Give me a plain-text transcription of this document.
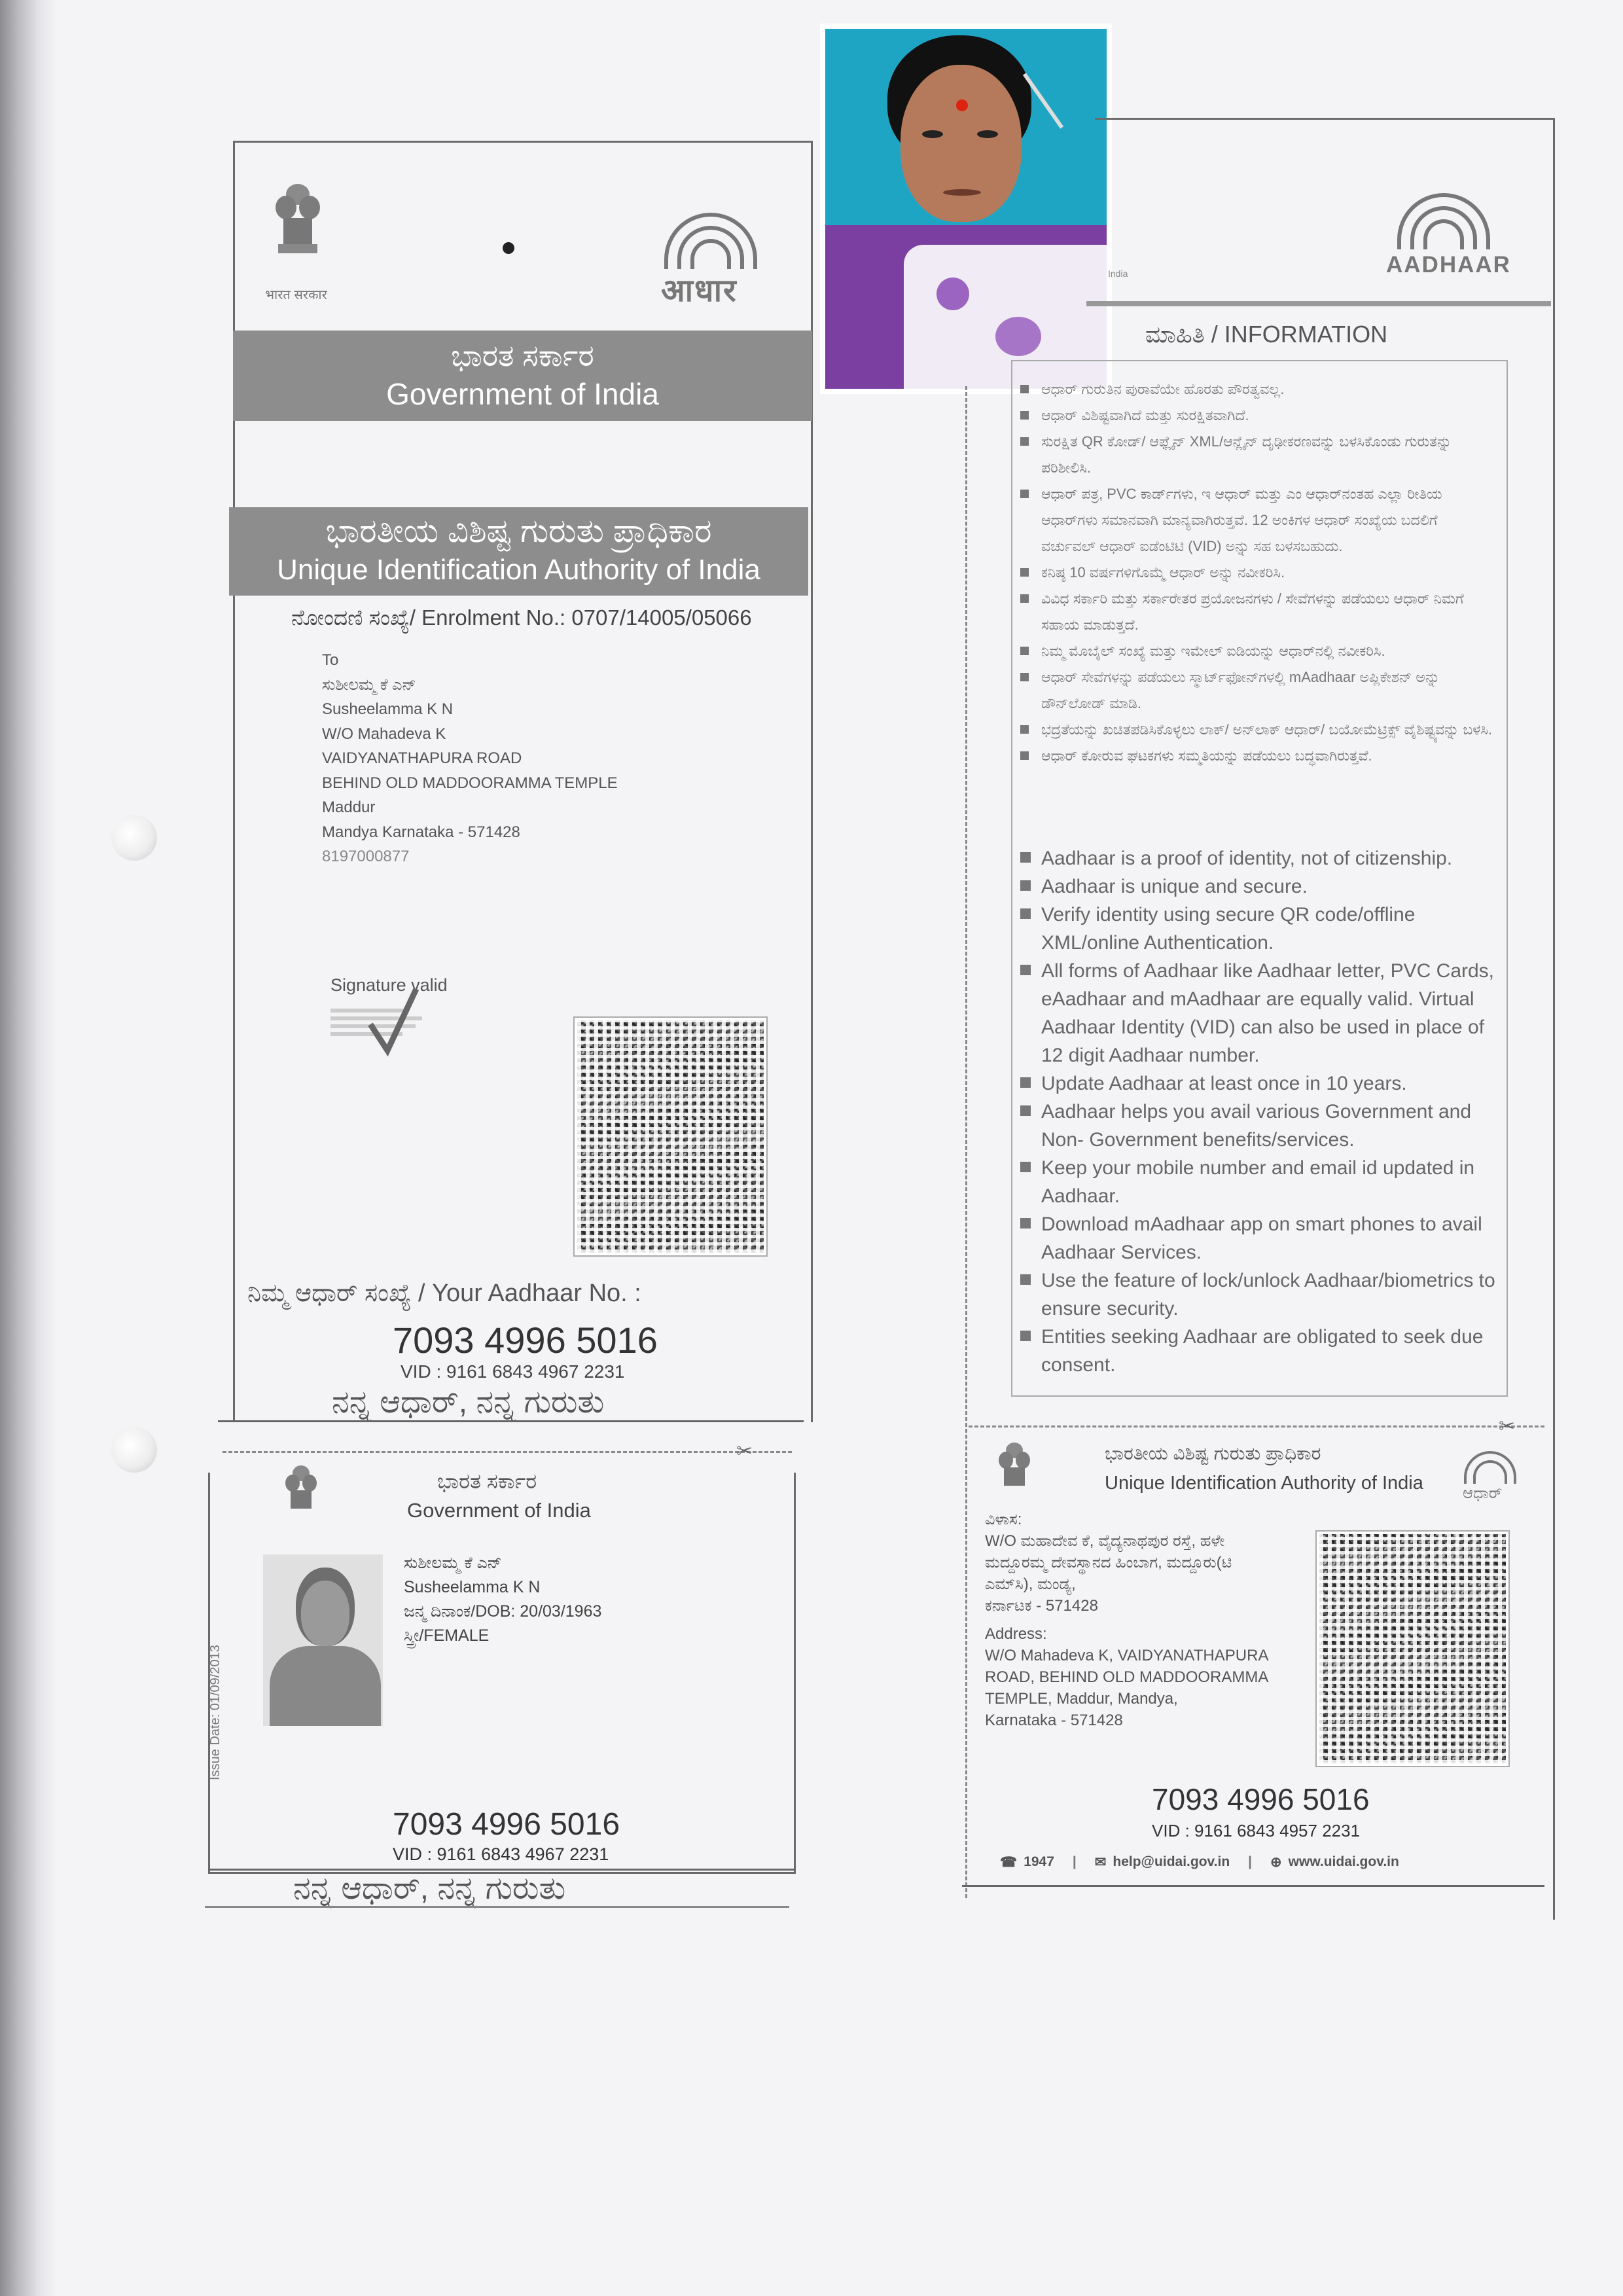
भारत सरकार	आधार
ಭಾರತ ಸರ್ಕಾರ
Government of India
ಭಾರತೀಯ ವಿಶಿಷ್ಟ ಗುರುತು ಪ್ರಾಧಿಕಾರ
Unique Identification Authority of India
ನೋಂದಣಿ ಸಂಖ್ಯೆ/ Enrolment No.: 0707/14005/05066
To
ಸುಶೀಲಮ್ಮ ಕೆ ಎನ್
Susheelamma K N
W/O Mahadeva K
VAIDYANATHAPURA ROAD
BEHIND OLD MADDOORAMMA TEMPLE
Maddur
Mandya Karnataka - 571428
8197000877
Signature valid
ನಿಮ್ಮ ಆಧಾರ್ ಸಂಖ್ಯೆ / Your Aadhaar No. :
7093 4996 5016
VID : 9161 6843 4967 2231
ನನ್ನ ಆಧಾರ್, ನನ್ನ ಗುರುತು
✂
ಭಾರತ ಸರ್ಕಾರ
Government of India
Issue Date: 01/09/2013
ಸುಶೀಲಮ್ಮ ಕೆ ಎನ್
Susheelamma K N
ಜನ್ಮ ದಿನಾಂಕ/DOB: 20/03/1963
ಸ್ತ್ರೀ/FEMALE
7093 4996 5016
VID : 9161 6843 4967 2231
ನನ್ನ ಆಧಾರ್, ನನ್ನ ಗುರುತು
India	AADHAAR
ಮಾಹಿತಿ / INFORMATION
ಆಧಾರ್ ಗುರುತಿನ ಪುರಾವೆಯೇ ಹೊರತು ಪೌರತ್ವವಲ್ಲ.
ಆಧಾರ್ ವಿಶಿಷ್ಟವಾಗಿದೆ ಮತ್ತು ಸುರಕ್ಷಿತವಾಗಿದೆ.
ಸುರಕ್ಷಿತ QR ಕೋಡ್/ ಆಫ್ಲೈನ್ XML/ಆನ್ಲೈನ್ ದೃಢೀಕರಣವನ್ನು ಬಳಸಿಕೊಂಡು ಗುರುತನ್ನು ಪರಿಶೀಲಿಸಿ.
ಆಧಾರ್ ಪತ್ರ, PVC ಕಾರ್ಡ್‌ಗಳು, ಇ ಆಧಾರ್ ಮತ್ತು ಎಂ ಆಧಾರ್‌ನಂತಹ ಎಲ್ಲಾ ರೀತಿಯ ಆಧಾರ್‌ಗಳು ಸಮಾನವಾಗಿ ಮಾನ್ಯವಾಗಿರುತ್ತವೆ. 12 ಅಂಕಿಗಳ ಆಧಾರ್ ಸಂಖ್ಯೆಯ ಬದಲಿಗೆ ವರ್ಚುವಲ್ ಆಧಾರ್ ಐಡೆಂಟಿಟಿ (VID) ಅನ್ನು ಸಹ ಬಳಸಬಹುದು.
ಕನಿಷ್ಠ 10 ವರ್ಷಗಳಿಗೊಮ್ಮೆ ಆಧಾರ್ ಅನ್ನು ನವೀಕರಿಸಿ.
ವಿವಿಧ ಸರ್ಕಾರಿ ಮತ್ತು ಸರ್ಕಾರೇತರ ಪ್ರಯೋಜನಗಳು / ಸೇವೆಗಳನ್ನು ಪಡೆಯಲು ಆಧಾರ್ ನಿಮಗೆ ಸಹಾಯ ಮಾಡುತ್ತದೆ.
ನಿಮ್ಮ ಮೊಬೈಲ್ ಸಂಖ್ಯೆ ಮತ್ತು ಇಮೇಲ್ ಐಡಿಯನ್ನು ಆಧಾರ್‌ನಲ್ಲಿ ನವೀಕರಿಸಿ.
ಆಧಾರ್ ಸೇವೆಗಳನ್ನು ಪಡೆಯಲು ಸ್ಮಾರ್ಟ್‌ಫೋನ್‌ಗಳಲ್ಲಿ mAadhaar ಅಪ್ಲಿಕೇಶನ್ ಅನ್ನು ಡೌನ್‌ಲೋಡ್ ಮಾಡಿ.
ಭದ್ರತೆಯನ್ನು ಖಚಿತಪಡಿಸಿಕೊಳ್ಳಲು ಲಾಕ್/ ಅನ್‌ಲಾಕ್ ಆಧಾರ್/ ಬಯೋಮೆಟ್ರಿಕ್ಸ್ ವೈಶಿಷ್ಟ್ಯವನ್ನು ಬಳಸಿ.
ಆಧಾರ್ ಕೋರುವ ಘಟಕಗಳು ಸಮ್ಮತಿಯನ್ನು ಪಡೆಯಲು ಬದ್ಧವಾಗಿರುತ್ತವೆ.
Aadhaar is a proof of identity, not of citizenship.
Aadhaar is unique and secure.
Verify identity using secure QR code/offline XML/online Authentication.
All forms of Aadhaar like Aadhaar letter, PVC Cards, eAadhaar and mAadhaar are equally valid. Virtual Aadhaar Identity (VID) can also be used in place of 12 digit Aadhaar number.
Update Aadhaar at least once in 10 years.
Aadhaar helps you avail various Government and Non- Government benefits/services.
Keep your mobile number and email id updated in Aadhaar.
Download mAadhaar app on smart phones to avail Aadhaar Services.
Use the feature of lock/unlock Aadhaar/biometrics to ensure security.
Entities seeking Aadhaar are obligated to seek due consent.
✂
ಭಾರತೀಯ ವಿಶಿಷ್ಟ ಗುರುತು ಪ್ರಾಧಿಕಾರ
Unique Identification Authority of India	ಆಧಾರ್
ವಿಳಾಸ:
W/O ಮಹಾದೇವ ಕೆ, ವೈದ್ಯನಾಥಪುರ ರಸ್ತೆ, ಹಳೇ
ಮದ್ದೂರಮ್ಮ ದೇವಸ್ಥಾನದ ಹಿಂಬಾಗ, ಮದ್ದೂರು(ಟಿ
ಎಮ್‌ಸಿ), ಮಂಡ್ಯ,
ಕರ್ನಾಟಕ - 571428
Address:
W/O Mahadeva K, VAIDYANATHAPURA
ROAD, BEHIND OLD MADDOORAMMA
TEMPLE, Maddur, Mandya,
Karnataka - 571428
7093 4996 5016
VID : 9161 6843 4957 2231
☎ 1947 | ✉ help@uidai.gov.in | ⊕ www.uidai.gov.in
